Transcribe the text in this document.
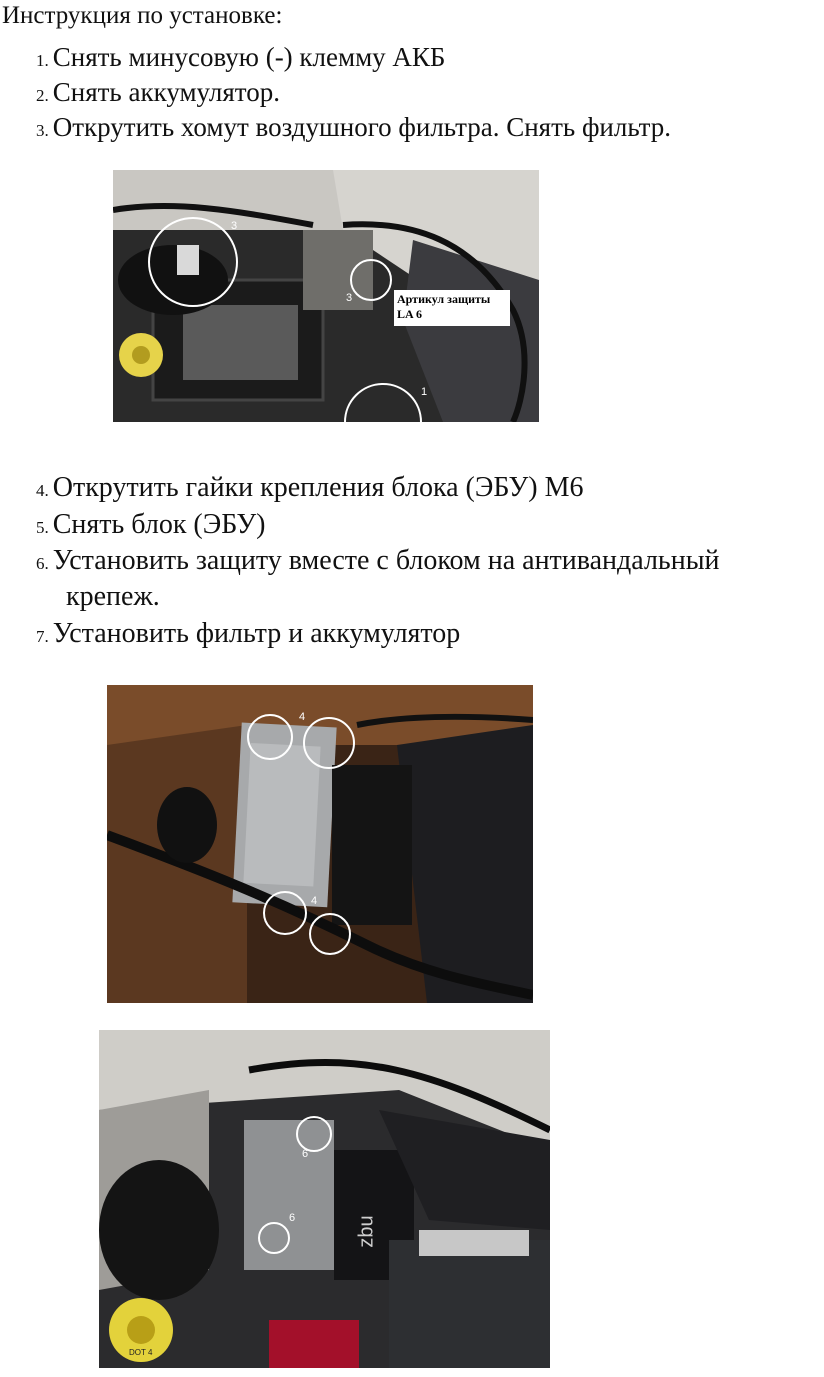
Инструкция по установке:
1. Снять минусовую (-) клемму АКБ
2. Снять аккумулятор.
3. Открутить хомут воздушного фильтра. Снять фильтр.
3
3
1
Артикул защиты
LA 6
4. Открутить гайки крепления блока (ЭБУ) М6
5. Снять блок (ЭБУ)
6. Установить защиту вместе с блоком на антивандальный
крепеж.
7. Установить фильтр и аккумулятор
4
4
6
6	zbu
DOT 4
